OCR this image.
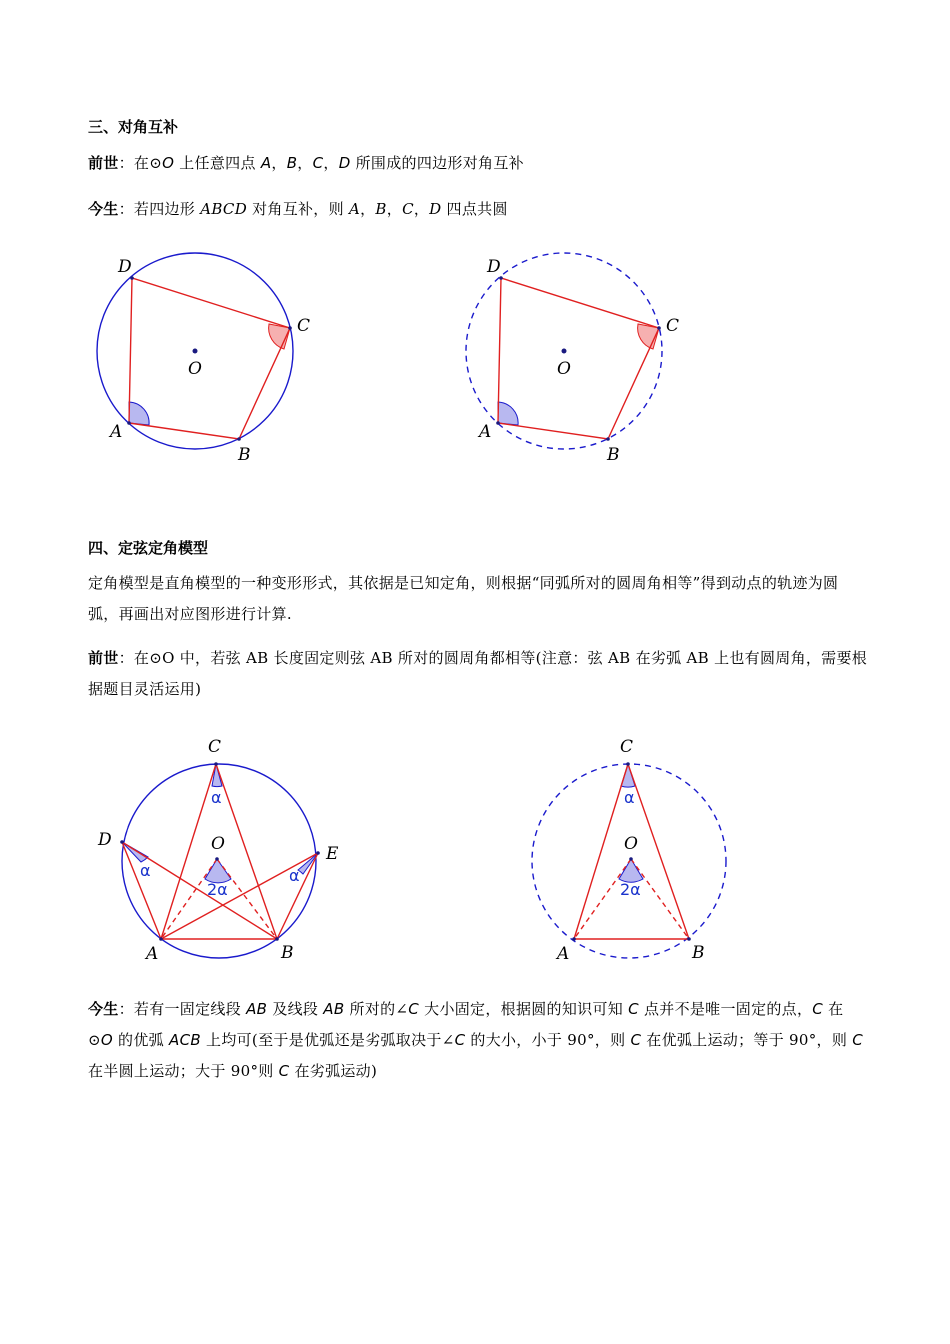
三、对角互补
前世：在⊙O 上任意四点 A，B，C，D 所围成的四边形对角互补
今生：若四边形 ABCD 对角互补，则 A，B，C，D 四点共圆
D
C
O
A
B
D
C
O
A
B
四、定弦定角模型
定角模型是直角模型的一种变形形式，其依据是已知定角，则根据“同弧所对的圆周角相等”得到动点的轨迹为圆弧，再画出对应图形进行计算.
前世：在⊙O 中，若弦 AB 长度固定则弦 AB 所对的圆周角都相等(注意：弦 AB 在劣弧 AB 上也有圆周角，需要根据题目灵活运用)
C
D
E
O
A	B
α
α	α
2α
C
O
A	B
α
2α
今生：若有一固定线段 AB 及线段 AB 所对的∠C 大小固定，根据圆的知识可知 C 点并不是唯一固定的点，C 在⊙O 的优弧 ACB 上均可(至于是优弧还是劣弧取决于∠C 的大小，小于 90°，则 C 在优弧上运动；等于 90°，则 C 在半圆上运动；大于 90°则 C 在劣弧运动)
